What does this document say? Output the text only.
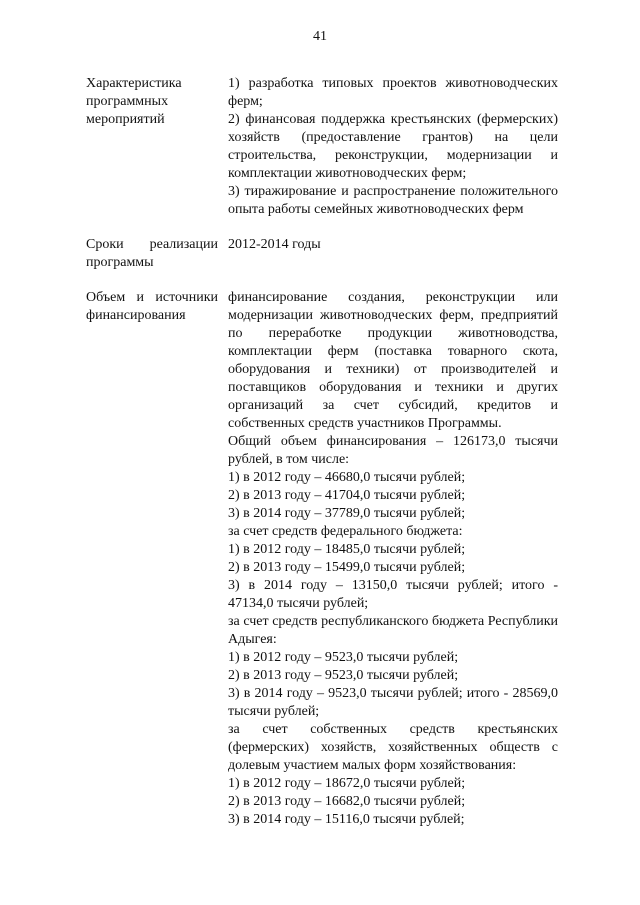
41
Характеристика программных мероприятий

1) разработка типовых проектов животноводческих ферм;

2) финансовая поддержка крестьянских (фермерских) хозяйств (предоставление грантов) на цели строительства, реконструкции, модернизации и комплектации животноводческих ферм;

3) тиражирование и распространение положительного опыта работы семейных животноводческих ферм

Сроки реализации программы

2012-2014 годы

Объем и источники финансирования

финансирование создания, реконструкции или модернизации животноводческих ферм, предприятий по переработке продукции животноводства, комплектации ферм (поставка товарного скота, оборудования и техники) от производителей и поставщиков оборудования и техники и других организаций за счет субсидий, кредитов и собственных средств участников Программы.

Общий объем финансирования – 126173,0 тысячи рублей, в том числе:

1) в 2012 году – 46680,0 тысячи рублей;

2) в 2013 году – 41704,0 тысячи рублей;

3) в 2014 году – 37789,0 тысячи рублей;

за счет средств федерального бюджета:

1) в 2012 году – 18485,0 тысячи рублей;

2) в 2013 году – 15499,0 тысячи рублей;

3) в 2014 году – 13150,0 тысячи рублей; итого - 47134,0 тысячи рублей;

за счет средств республиканского бюджета Республики Адыгея:

1) в 2012 году – 9523,0 тысячи рублей;

2) в 2013 году – 9523,0 тысячи рублей;

3) в 2014 году – 9523,0 тысячи рублей; итого - 28569,0 тысячи рублей;

за счет собственных средств крестьянских (фермерских) хозяйств, хозяйственных обществ с долевым участием малых форм хозяйствования:

1) в 2012 году – 18672,0 тысячи рублей;

2) в 2013 году – 16682,0 тысячи рублей;

3) в 2014 году – 15116,0 тысячи рублей;
